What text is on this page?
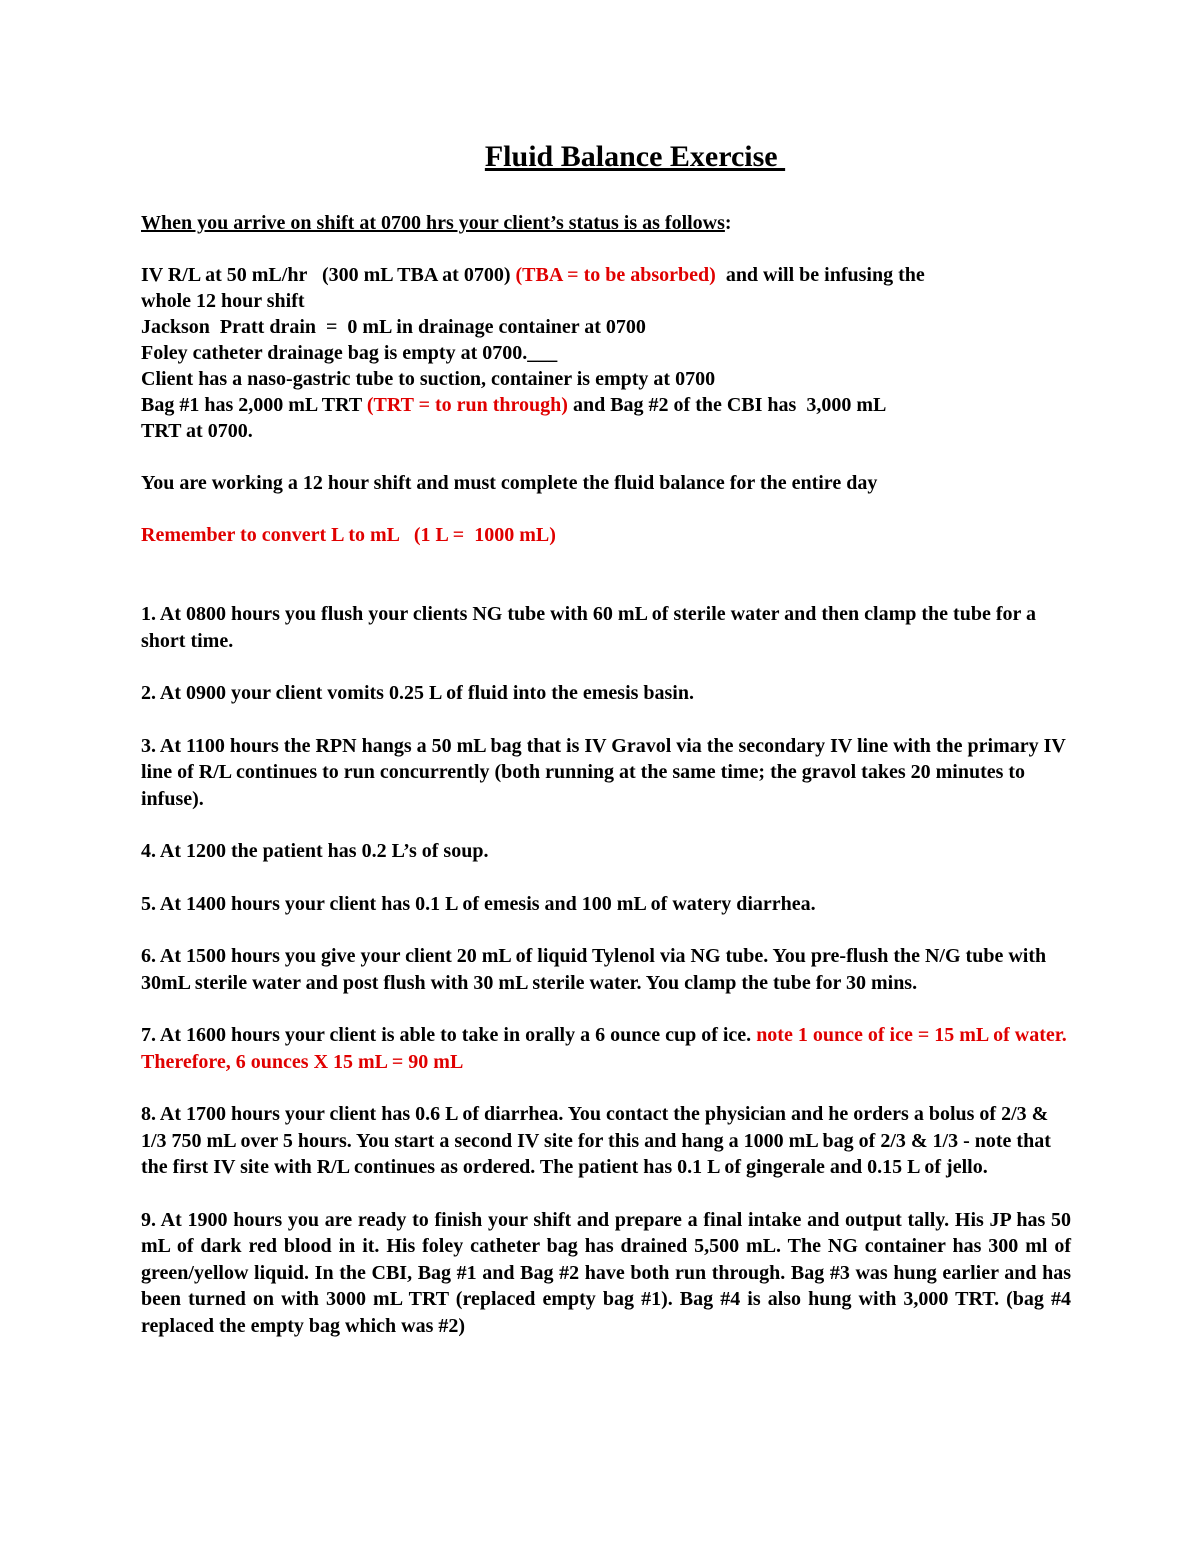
Fluid Balance Exercise

When you arrive on shift at 0700 hrs your client’s status is as follows:

IV R/L at 50 mL/hr   (300 mL TBA at 0700) (TBA = to be absorbed)  and will be infusing the

whole 12 hour shift

Jackson  Pratt drain  =  0 mL in drainage container at 0700

Foley catheter drainage bag is empty at 0700.___

Client has a naso-gastric tube to suction, container is empty at 0700

Bag #1 has 2,000 mL TRT (TRT = to run through) and Bag #2 of the CBI has  3,000 mL

TRT at 0700.

You are working a 12 hour shift and must complete the fluid balance for the entire day

Remember to convert L to mL   (1 L =  1000 mL)

1. At 0800 hours you flush your clients NG tube with 60 mL of sterile water and then clamp the tube for a short time.

2. At 0900 your client vomits 0.25 L of fluid into the emesis basin.

3. At 1100 hours the RPN hangs a 50 mL bag that is IV Gravol via the secondary IV line with the primary IV line of R/L continues to run concurrently (both running at the same time; the gravol takes 20 minutes to infuse).

4. At 1200 the patient has 0.2 L’s of soup.

5. At 1400 hours your client has 0.1 L of emesis and 100 mL of watery diarrhea.

6. At 1500 hours you give your client 20 mL of liquid Tylenol via NG tube. You pre-flush the N/G tube with 30mL sterile water and post flush with 30 mL sterile water. You clamp the tube for 30 mins.

7. At 1600 hours your client is able to take in orally a 6 ounce cup of ice. note 1 ounce of ice = 15 mL of water. Therefore, 6 ounces X 15 mL = 90 mL

8. At 1700 hours your client has 0.6 L of diarrhea. You contact the physician and he orders a bolus of 2/3 & 1/3 750 mL over 5 hours. You start a second IV site for this and hang a 1000 mL bag of 2/3 & 1/3 - note that the first IV site with R/L continues as ordered. The patient has 0.1 L of gingerale and 0.15 L of jello.

9. At 1900 hours you are ready to finish your shift and prepare a final intake and output tally. His JP has 50 mL of dark red blood in it. His foley catheter bag has drained 5,500 mL. The NG container has 300 ml of green/yellow liquid. In the CBI, Bag #1 and Bag #2 have both run through. Bag #3 was hung earlier and has been turned on with 3000 mL TRT (replaced empty bag #1). Bag #4 is also hung with 3,000 TRT. (bag #4 replaced the empty bag which was #2)
